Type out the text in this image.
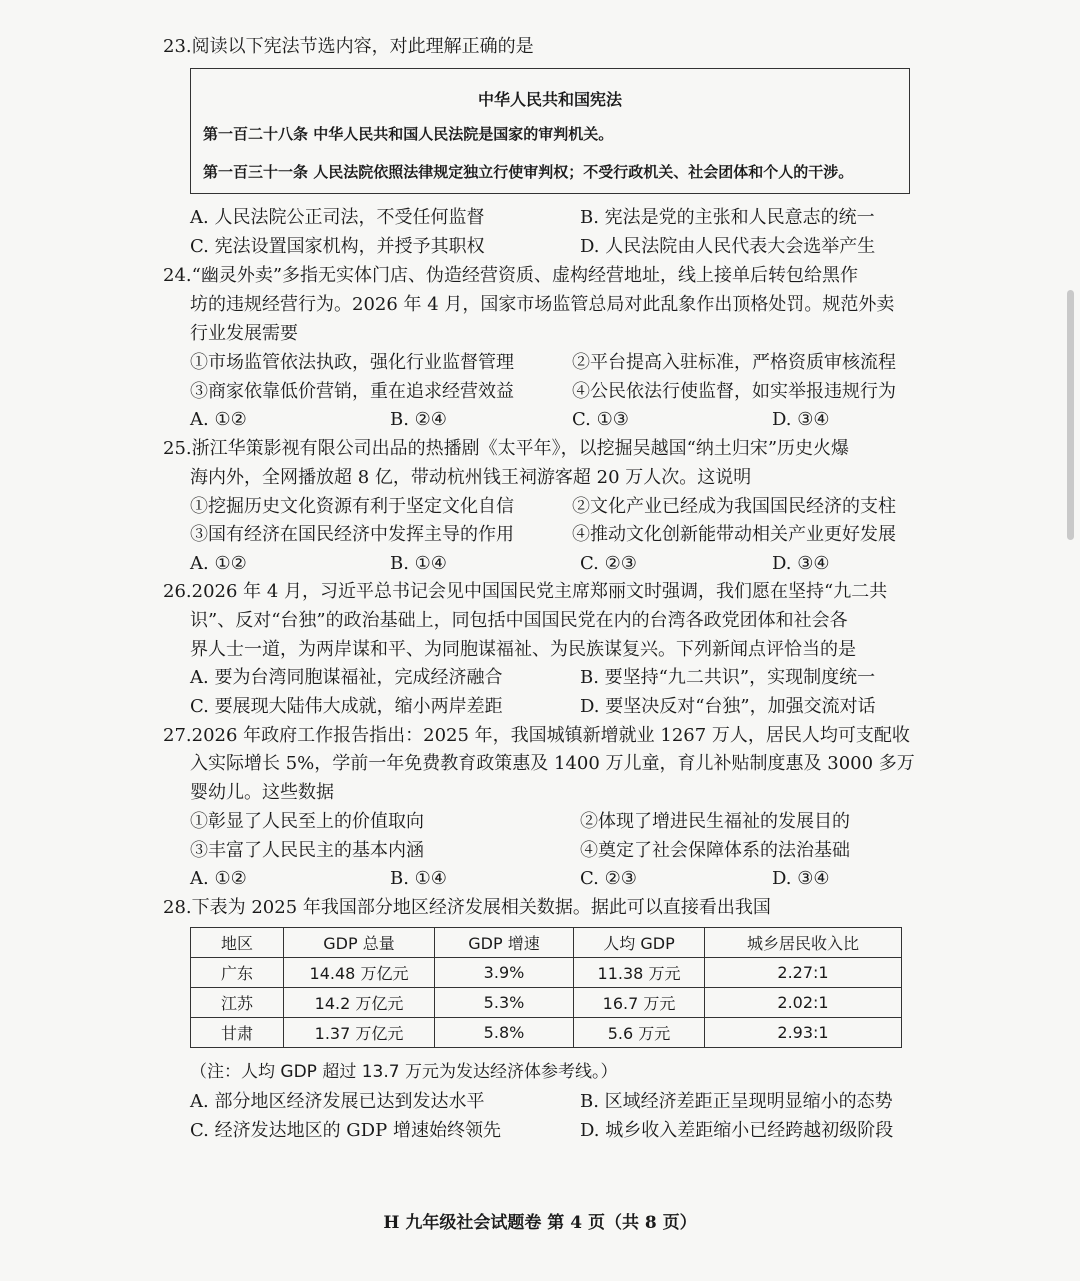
23.阅读以下宪法节选内容，对此理解正确的是
中华人民共和国宪法
第一百二十八条 中华人民共和国人民法院是国家的审判机关。
第一百三十一条 人民法院依照法律规定独立行使审判权；不受行政机关、社会团体和个人的干涉。
A. 人民法院公正司法，不受任何监督	B. 宪法是党的主张和人民意志的统一
C. 宪法设置国家机构，并授予其职权	D. 人民法院由人民代表大会选举产生
24.“幽灵外卖”多指无实体门店、伪造经营资质、虚构经营地址，线上接单后转包给黑作
坊的违规经营行为。2026 年 4 月，国家市场监管总局对此乱象作出顶格处罚。规范外卖
行业发展需要
①市场监管依法执政，强化行业监督管理	②平台提高入驻标准，严格资质审核流程
③商家依靠低价营销，重在追求经营效益	④公民依法行使监督，如实举报违规行为
A. ①②	B. ②④	C. ①③	D. ③④
25.浙江华策影视有限公司出品的热播剧《太平年》，以挖掘吴越国“纳土归宋”历史火爆
海内外，全网播放超 8 亿，带动杭州钱王祠游客超 20 万人次。这说明
①挖掘历史文化资源有利于坚定文化自信	②文化产业已经成为我国国民经济的支柱
③国有经济在国民经济中发挥主导的作用	④推动文化创新能带动相关产业更好发展
A. ①②	B. ①④	C. ②③	D. ③④
26.2026 年 4 月，习近平总书记会见中国国民党主席郑丽文时强调，我们愿在坚持“九二共
识”、反对“台独”的政治基础上，同包括中国国民党在内的台湾各政党团体和社会各
界人士一道，为两岸谋和平、为同胞谋福祉、为民族谋复兴。下列新闻点评恰当的是
A. 要为台湾同胞谋福祉，完成经济融合	B. 要坚持“九二共识”，实现制度统一
C. 要展现大陆伟大成就，缩小两岸差距	D. 要坚决反对“台独”，加强交流对话
27.2026 年政府工作报告指出：2025 年，我国城镇新增就业 1267 万人，居民人均可支配收
入实际增长 5%，学前一年免费教育政策惠及 1400 万儿童，育儿补贴制度惠及 3000 多万
婴幼儿。这些数据
①彰显了人民至上的价值取向	②体现了增进民生福祉的发展目的
③丰富了人民民主的基本内涵	④奠定了社会保障体系的法治基础
A. ①②	B. ①④	C. ②③	D. ③④
28.下表为 2025 年我国部分地区经济发展相关数据。据此可以直接看出我国
地区	GDP 总量	GDP 增速	人均 GDP	城乡居民收入比
广东	14.48 万亿元	3.9%	11.38 万元	2.27:1
江苏	14.2 万亿元	5.3%	16.7 万元	2.02:1
甘肃	1.37 万亿元	5.8%	5.6 万元	2.93:1
（注：人均 GDP 超过 13.7 万元为发达经济体参考线。）
A. 部分地区经济发展已达到发达水平	B. 区域经济差距正呈现明显缩小的态势
C. 经济发达地区的 GDP 增速始终领先	D. 城乡收入差距缩小已经跨越初级阶段
H 九年级社会试题卷 第 4 页（共 8 页）
